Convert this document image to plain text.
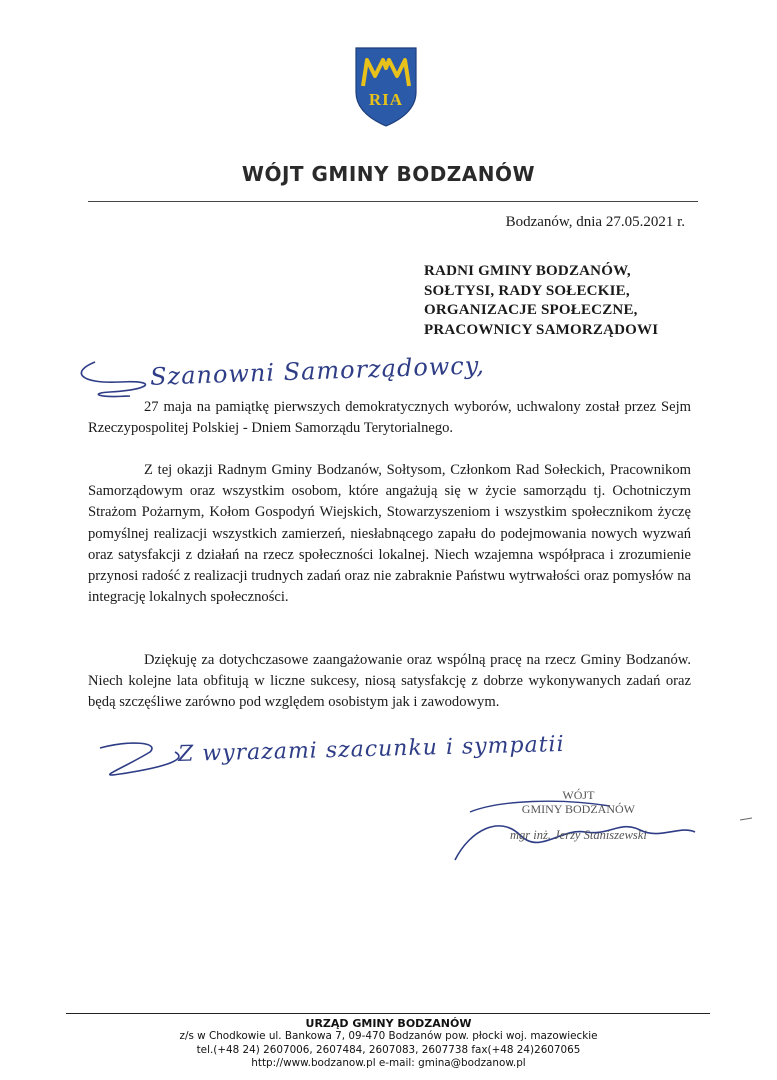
RIA
WÓJT GMINY BODZANÓW
Bodzanów, dnia 27.05.2021 r.
RADNI GMINY BODZANÓW,
SOŁTYSI, RADY SOŁECKIE,
ORGANIZACJE SPOŁECZNE,
PRACOWNICY SAMORZĄDOWI
Szanowni Samorządowcy,
27 maja na pamiątkę pierwszych demokratycznych wyborów, uchwalony został przez Sejm Rzeczypospolitej Polskiej - Dniem Samorządu Terytorialnego.
Z tej okazji Radnym Gminy Bodzanów, Sołtysom, Członkom Rad Sołeckich, Pracownikom Samorządowym oraz wszystkim osobom, które angażują się w życie samorządu tj. Ochotniczym Strażom Pożarnym, Kołom Gospodyń Wiejskich, Stowarzyszeniom i wszystkim społecznikom życzę pomyślnej realizacji wszystkich zamierzeń, niesłabnącego zapału do podejmowania nowych wyzwań oraz satysfakcji z działań na rzecz społeczności lokalnej. Niech wzajemna współpraca i zrozumienie przynosi radość z realizacji trudnych zadań oraz nie zabraknie Państwu wytrwałości oraz pomysłów na integrację lokalnych społeczności.
Dziękuję za dotychczasowe zaangażowanie oraz wspólną pracę na rzecz Gminy Bodzanów. Niech kolejne lata obfitują w liczne sukcesy, niosą satysfakcję z dobrze wykonywanych zadań oraz będą szczęśliwe zarówno pod względem osobistym jak i zawodowym.
Z wyrazami szacunku i sympatii
WÓJT
GMINY BODZANÓW
mgr inż. Jerzy Staniszewski
URZĄD GMINY BODZANÓW
z/s w Chodkowie ul. Bankowa 7, 09-470 Bodzanów pow. płocki woj. mazowieckie
tel.(+48 24) 2607006, 2607484, 2607083, 2607738 fax(+48 24)2607065
http://www.bodzanow.pl e-mail: gmina@bodzanow.pl
